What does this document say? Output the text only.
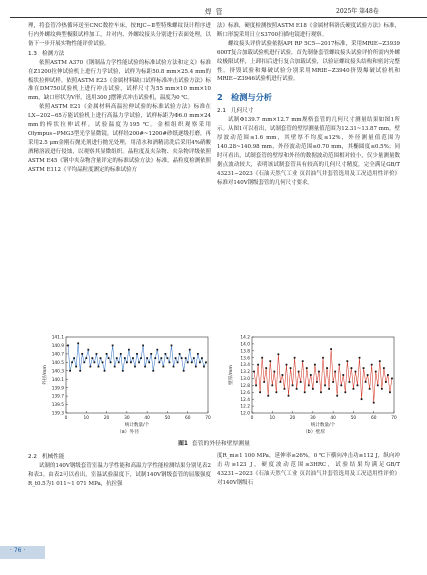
焊 管	2025年 第48卷

理，将套管冷热循环送至CNC数控车床，按RJC−Ⅱ型特殊螺纹设计程序进行内外螺纹典型极限试样加工，并对内、外螺纹接头分别进行表面处理，以备下一步开展实物性能评价试验。

1.3 检测方法

依照ASTM A370《钢制品力学性能试验的标准试验方法和定义》标准在Z1200拉伸试验机上进行力学试验，试样为标距50.8 mm×25.4 mm的板状拉伸试样。依照ASTM E23《金属材料缺口试样标准冲击试验方法》标准在DM750试验机上进行冲击试验，试样尺寸为55 mm×10 mm×10 mm，缺口形状为V形，选用300 J摆锤式冲击试验机，温度为0 ℃。

依照ASTM E21《金属材料高温拉伸试验的标准试验方法》标准在LX−202−65万能试验机上进行高温力学试验，试样标距为Φ6.0 mm×24 mm的棒状拉伸试样，试验温度为195 ℃。金相组织观察采用Olympus−PMG3型光学显微镜，试样经200#~1200#砂纸逐级打磨，再采用2.5 μm金刚石抛光剂进行抛光处理，用清水和酒精清洗后采用4%硝酸酒精溶液进行侵蚀，以观察其显微组织。晶粒度及夹杂物、夹杂物评级依照ASTM E45《钢中夹杂物含量评定的标准试验方法》标准，晶粒度检测依照ASTM E112《平均晶粒度测定的标准试验方

法》标准，硬度检测按照ASTM E18《金属材料洛氏硬度试验方法》标准，断口形貌采用日立S3700扫描电镜进行观察。

螺纹接头评价试验依据API RP 5C5—2017标准，采用MRIE−Z3939 600T复合加载试验机进行试验，首先制备套管螺纹接头试验评价所需内外螺纹极限试样，上卸扣后进行复合加载试验，以验证螺纹接头结构和密封完整性。挤毁试验和爆破试验分别采用MRIE−Z3940挤毁爆破试验机和MRIE−Z3946试验机进行试验。

2 检测与分析
2.1 几何尺寸

试制Φ139.7 mm×12.7 mm规格套管的几何尺寸测量结果如图1所示。从图1可以看出，试制套管的壁厚测量值范围为12.31~13.87 mm，壁厚波动范围≤1.6 mm，其壁厚不均度≤12%，外径测量值范围为140.28~140.98 mm，外径波动范围≤0.70 mm，其椭圆度≤0.5%；同时可看出，试制套管的壁厚和外径的数据波动范围相对较小，仅少量测量数据点波动较大，表明该试制套管具有较高的几何尺寸精度，完全满足GB/T 43231−2023《石油天然气工业 页岩油气井套管选用及工况适用性评价》标准对140V钢级套管的几何尺寸要求。

139.3
139.5
139.7
139.9
140.1
140.3
140.5
140.7
140.9
141.1
0	10	20	30	40	50	60	70
外径/mm
统计数量/个
12.0
12.2
12.4
12.6
12.8
13.0
13.2
13.4
13.6
13.8
14.0
14.2
0	10	20	30	40	50	60	70
壁厚/mm
统计数量/个
（a）外径	（b）壁厚
图1 套管的外径和壁厚测量
2.2 机械性能

试制的140V钢级套管室温力学性能和高温力学性能检测结果分别见表2和表3。由表2可以看出，室温试验温度下，试制140V钢级套管的屈服强度R_t0.5为1 011~1 071 MPa，抗拉强

度R_m≥1 100 MPa，延伸率≥26%，0 ℃下横向冲击功≥112 J，纵向冲击功≥123 J，硬度波动范围≤3HRC，试验结果均满足GB/T 43231−2023《石油天然气工业 页岩油气井套管选用及工况适用性评价》对140V钢级石

· 76 ·
